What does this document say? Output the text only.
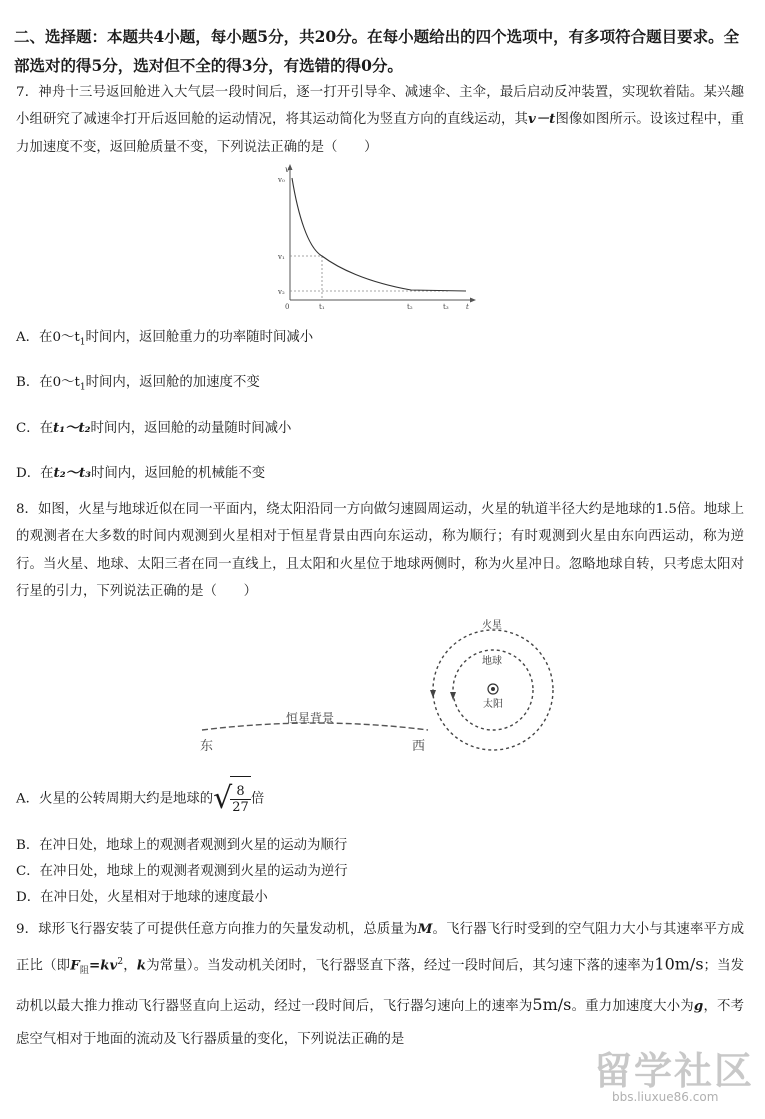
二、选择题：本题共4小题，每小题5分，共20分。在每小题给出的四个选项中，有多项符合题目要求。全部选对的得5分，选对但不全的得3分，有选错的得0分。
7．神舟十三号返回舱进入大气层一段时间后，逐一打开引导伞、减速伞、主伞，最后启动反冲装置，实现软着陆。某兴趣小组研究了减速伞打开后返回舱的运动情况，将其运动简化为竖直方向的直线运动，其v－t图像如图所示。设该过程中，重力加速度不变，返回舱质量不变，下列说法正确的是（　　）
v
v₀
v₁
v₂
0	t₁	t₂	t₃ t
A．在$0\sim t_1$时间内，返回舱重力的功率随时间减小
B．在$0\sim t_1$时间内，返回舱的加速度不变
C．在t₁～t₂时间内，返回舱的动量随时间减小
D．在t₂～t₃时间内，返回舱的机械能不变
8．如图，火星与地球近似在同一平面内，绕太阳沿同一方向做匀速圆周运动，火星的轨道半径大约是地球的1.5倍。地球上的观测者在大多数的时间内观测到火星相对于恒星背景由西向东运动，称为顺行；有时观测到火星由东向西运动，称为逆行。当火星、地球、太阳三者在同一直线上，且太阳和火星位于地球两侧时，称为火星冲日。忽略地球自转，只考虑太阳对行星的引力，下列说法正确的是（　　）
火星
地球
太阳
恒星背景
东	西
A．火星的公转周期大约是地球的 √
$\frac{8}{27}$ 倍
B．在冲日处，地球上的观测者观测到火星的运动为顺行
C．在冲日处，地球上的观测者观测到火星的运动为逆行
D．在冲日处，火星相对于地球的速度最小
9．球形飞行器安装了可提供任意方向推力的矢量发动机，总质量为M。飞行器飞行时受到的空气阻力大小与其速率平方成正比（即$F_阻=kv^2$，k为常量）。当发动机关闭时，飞行器竖直下落，经过一段时间后，其匀速下落的速率为10m/s；当发动机以最大推力推动飞行器竖直向上运动，经过一段时间后，飞行器匀速向上的速率为5m/s。重力加速度大小为g，不考虑空气相对于地面的流动及飞行器质量的变化，下列说法正确的是
留学社区
bbs.liuxue86.com
